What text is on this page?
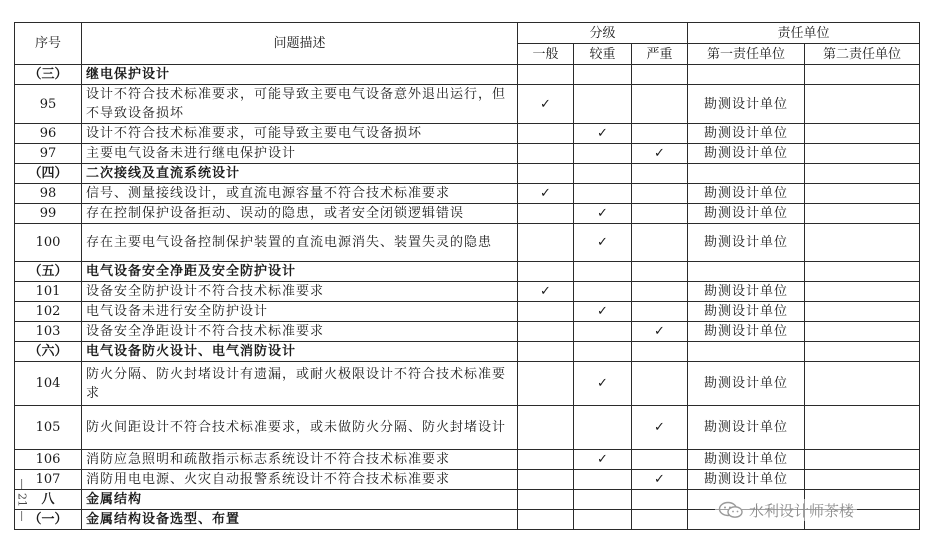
序号	问题描述	分级			责任单位	
		一般	较重	严重	第一责任单位	第二责任单位
（三）	继电保护设计					
95	设计不符合技术标准要求，可能导致主要电气设备意外退出运行，但不导致设备损坏	✓			勘测设计单位	
96	设计不符合技术标准要求，可能导致主要电气设备损坏		✓		勘测设计单位	
97	主要电气设备未进行继电保护设计			✓	勘测设计单位	
（四）	二次接线及直流系统设计					
98	信号、测量接线设计，或直流电源容量不符合技术标准要求	✓			勘测设计单位	
99	存在控制保护设备拒动、误动的隐患，或者安全闭锁逻辑错误		✓		勘测设计单位	
100	存在主要电气设备控制保护装置的直流电源消失、装置失灵的隐患		✓		勘测设计单位	
（五）	电气设备安全净距及安全防护设计					
101	设备安全防护设计不符合技术标准要求	✓			勘测设计单位	
102	电气设备未进行安全防护设计		✓		勘测设计单位	
103	设备安全净距设计不符合技术标准要求			✓	勘测设计单位	
（六）	电气设备防火设计、电气消防设计					
104	防火分隔、防火封堵设计有遗漏，或耐火极限设计不符合技术标准要求		✓		勘测设计单位	
105	防火间距设计不符合技术标准要求，或未做防火分隔、防火封堵设计			✓	勘测设计单位	
106	消防应急照明和疏散指示标志系统设计不符合技术标准要求		✓		勘测设计单位	
107	消防用电电源、火灾自动报警系统设计不符合技术标准要求			✓	勘测设计单位	
八	金属结构					
（一）	金属结构设备选型、布置					
— 21 —	水利设计师茶楼
